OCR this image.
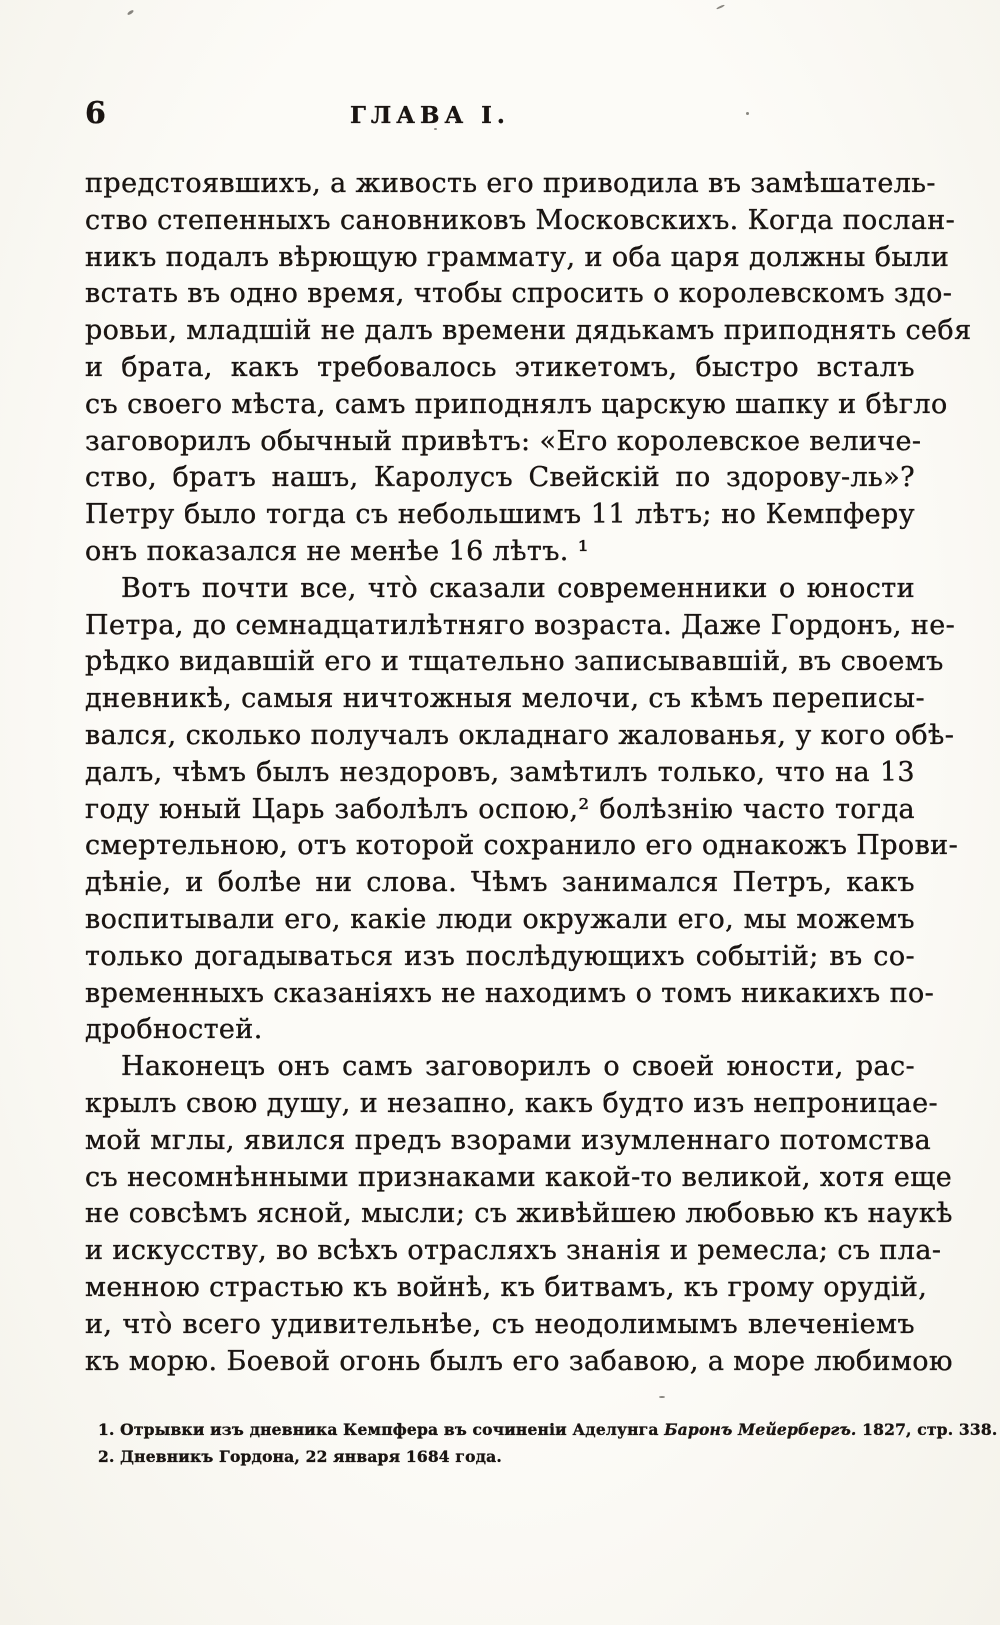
6	ГЛАВА I.
предстоявшихъ, а живость его приводила въ замѣшатель-
ство степенныхъ сановниковъ Московскихъ. Когда послан-
никъ подалъ вѣрющую граммату, и оба царя должны были
встать въ одно время, чтобы спросить о королевскомъ здо-
ровьи, младшій не далъ времени дядькамъ приподнять себя
и брата, какъ требовалось этикетомъ, быстро всталъ
съ своего мѣста, самъ приподнялъ царскую шапку и бѣгло
заговорилъ обычный привѣтъ: «Его королевское величе-
ство, братъ нашъ, Каролусъ Свейскій по здорову-ль»?
Петру было тогда съ небольшимъ 11 лѣтъ; но Кемпферу
онъ показался не менѣе 16 лѣтъ. ¹
Вотъ почти все, что̀ сказали современники о юности
Петра, до семнадцатилѣтняго возраста. Даже Гордонъ, не-
рѣдко видавшій его и тщательно записывавшій, въ своемъ
дневникѣ, самыя ничтожныя мелочи, съ кѣмъ переписы-
вался, сколько получалъ окладнаго жалованья, у кого обѣ-
далъ, чѣмъ былъ нездоровъ, замѣтилъ только, что на 13
году юный Царь заболѣлъ оспою,² болѣзнію часто тогда
смертельною, отъ которой сохранило его однакожъ Прови-
дѣніе, и болѣе ни слова. Чѣмъ занимался Петръ, какъ
воспитывали его, какіе люди окружали его, мы можемъ
только догадываться изъ послѣдующихъ событій; въ со-
временныхъ сказаніяхъ не находимъ о томъ никакихъ по-
дробностей.
Наконецъ онъ самъ заговорилъ о своей юности, рас-
крылъ свою душу, и незапно, какъ будто изъ непроницае-
мой мглы, явился предъ взорами изумленнаго потомства
съ несомнѣнными признаками какой-то великой, хотя еще
не совсѣмъ ясной, мысли; съ живѣйшею любовью къ наукѣ
и искусству, во всѣхъ отрасляхъ знанія и ремесла; съ пла-
менною страстью къ войнѣ, къ битвамъ, къ грому орудій,
и, что̀ всего удивительнѣе, съ неодолимымъ влеченіемъ
къ морю. Боевой огонь былъ его забавою, а море любимою
1. Отрывки изъ дневника Кемпфера въ сочиненіи Аделунга Баронъ Мейербергъ. 1827, стр. 338.
2. Дневникъ Гордона, 22 января 1684 года.
